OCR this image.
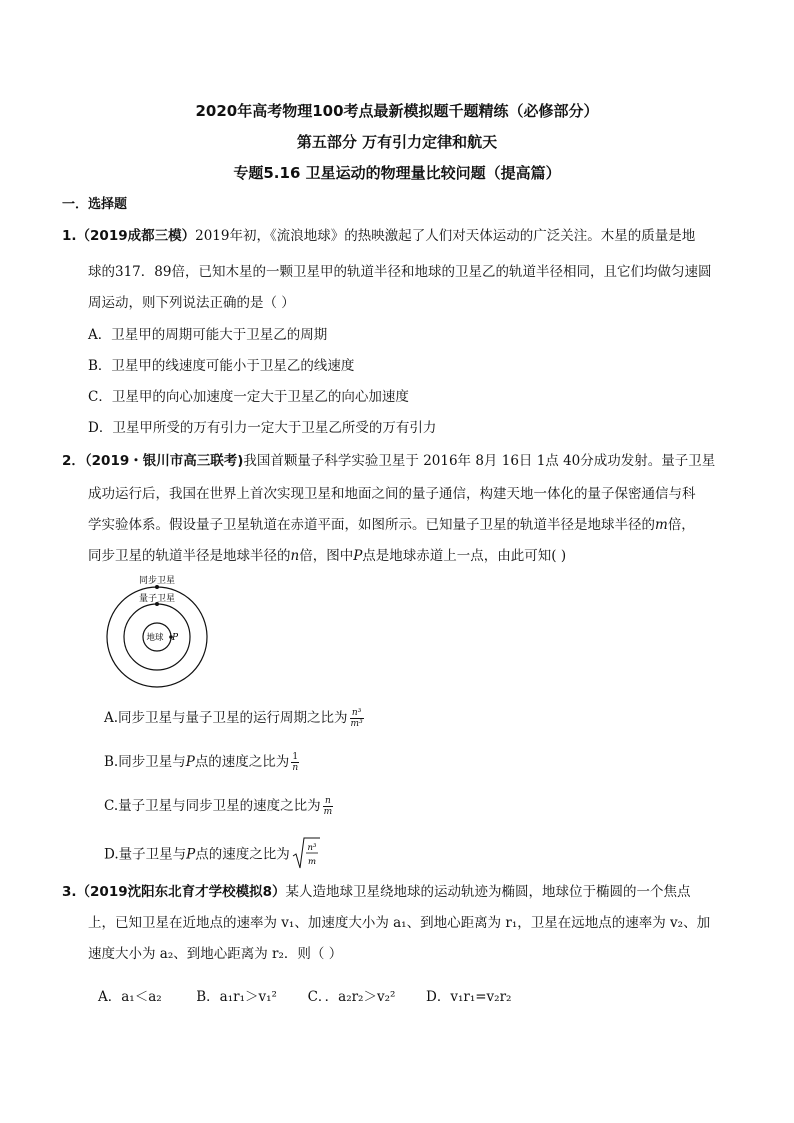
2020年高考物理100考点最新模拟题千题精练（必修部分）
第五部分 万有引力定律和航天
专题5.16 卫星运动的物理量比较问题（提高篇）
一．选择题
1.（2019成都三模）2019年初，《流浪地球》的热映激起了人们对天体运动的广泛关注。木星的质量是地
球的317．89倍，已知木星的一颗卫星甲的轨道半径和地球的卫星乙的轨道半径相同，且它们均做匀速圆
周运动，则下列说法正确的是（ ）
A．卫星甲的周期可能大于卫星乙的周期
B．卫星甲的线速度可能小于卫星乙的线速度
C．卫星甲的向心加速度一定大于卫星乙的向心加速度
D．卫星甲所受的万有引力一定大于卫星乙所受的万有引力
2．（2019・银川市高三联考)我国首颗量子科学实验卫星于 2016年 8月 16日 1点 40分成功发射。量子卫星
成功运行后，我国在世界上首次实现卫星和地面之间的量子通信，构建天地一体化的量子保密通信与科
学实验体系。假设量子卫星轨道在赤道平面，如图所示。已知量子卫星的轨道半径是地球半径的m倍，
同步卫星的轨道半径是地球半径的n倍，图中P点是地球赤道上一点，由此可知( )
同步卫星
量子卫星
地球 P
A.同步卫星与量子卫星的运行周期之比为 $\frac{\text{n³}}{\text{m³}}$
B.同步卫星与P点的速度之比为 $\frac{1}{n}$
C.量子卫星与同步卫星的速度之比为 $\frac{n}{m}$
D.量子卫星与P点的速度之比为 n³
m
3.（2019沈阳东北育才学校模拟8）某人造地球卫星绕地球的运动轨迹为椭圆，地球位于椭圆的一个焦点
上，已知卫星在近地点的速率为 v₁、加速度大小为 a₁、到地心距离为 r₁，卫星在远地点的速率为 v₂、加
速度大小为 a₂、到地心距离为 r₂．则（ ）
A．a₁＜a₂	B．a₁r₁＞v₁² C．．a₂r₂＞v₂² D．v₁r₁=v₂r₂
